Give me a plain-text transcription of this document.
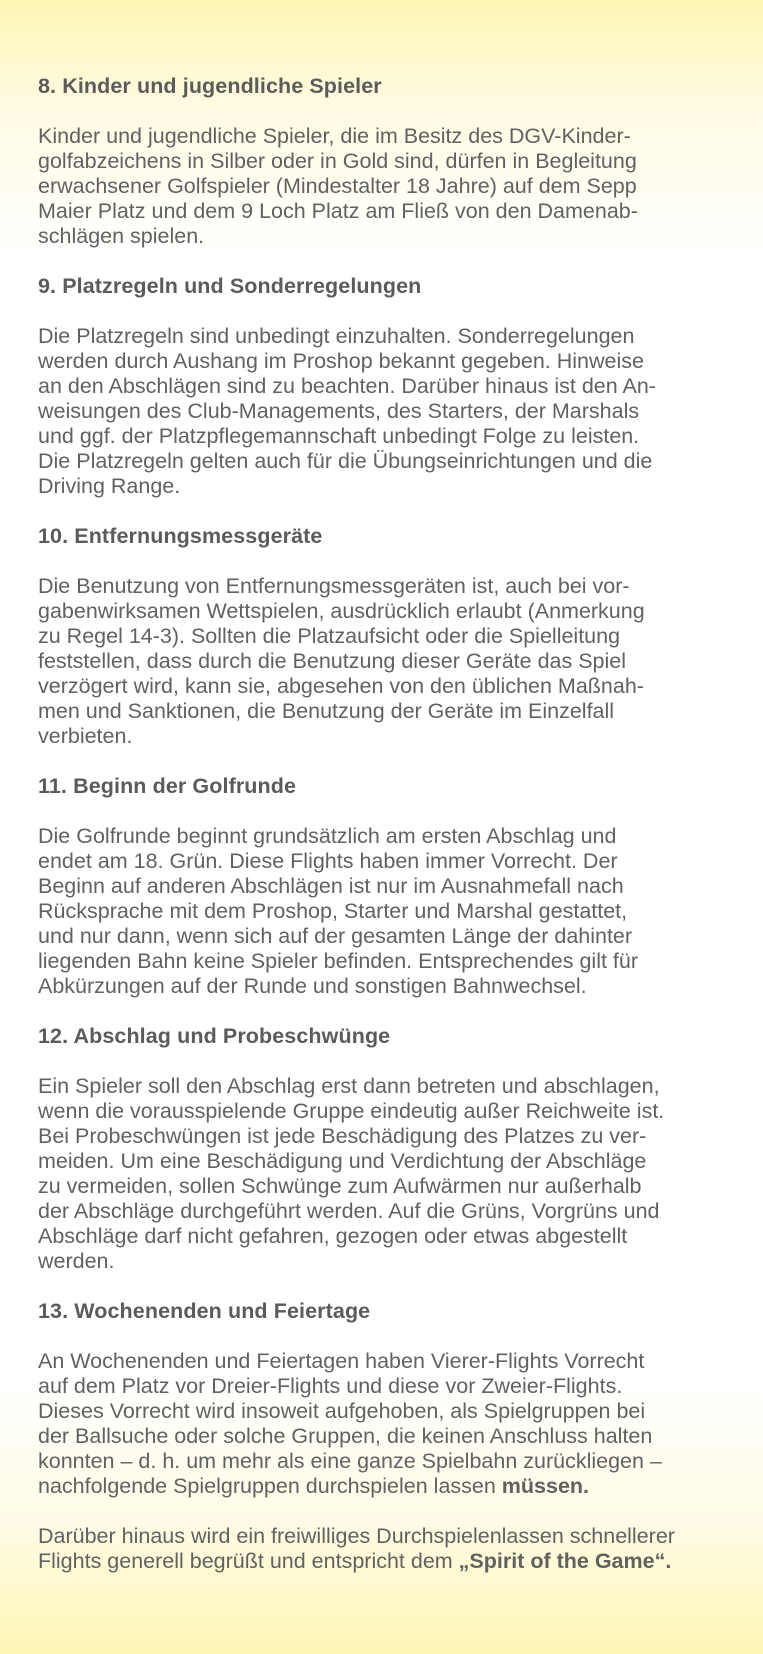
8. Kinder und jugendliche Spieler

Kinder und jugendliche Spieler, die im Besitz des DGV-Kinder-
golfabzeichens in Silber oder in Gold sind, dürfen in Begleitung
erwachsener Golfspieler (Mindestalter 18 Jahre) auf dem Sepp
Maier Platz und dem 9 Loch Platz am Fließ von den Damenab-
schlägen spielen.

9. Platzregeln und Sonderregelungen

Die Platzregeln sind unbedingt einzuhalten. Sonderregelungen
werden durch Aushang im Proshop bekannt gegeben. Hinweise
an den Abschlägen sind zu beachten. Darüber hinaus ist den An-
weisungen des Club-Managements, des Starters, der Marshals
und ggf. der Platzpflegemannschaft unbedingt Folge zu leisten.
Die Platzregeln gelten auch für die Übungseinrichtungen und die
Driving Range.

10. Entfernungsmessgeräte

Die Benutzung von Entfernungsmessgeräten ist, auch bei vor-
gabenwirksamen Wettspielen, ausdrücklich erlaubt (Anmerkung
zu Regel 14-3). Sollten die Platzaufsicht oder die Spielleitung
feststellen, dass durch die Benutzung dieser Geräte das Spiel
verzögert wird, kann sie, abgesehen von den üblichen Maßnah-
men und Sanktionen, die Benutzung der Geräte im Einzelfall
verbieten.

11. Beginn der Golfrunde

Die Golfrunde beginnt grundsätzlich am ersten Abschlag und
endet am 18. Grün. Diese Flights haben immer Vorrecht. Der
Beginn auf anderen Abschlägen ist nur im Ausnahmefall nach
Rücksprache mit dem Proshop, Starter und Marshal gestattet,
und nur dann, wenn sich auf der gesamten Länge der dahinter
liegenden Bahn keine Spieler befinden. Entsprechendes gilt für
Abkürzungen auf der Runde und sonstigen Bahnwechsel.

12. Abschlag und Probeschwünge

Ein Spieler soll den Abschlag erst dann betreten und abschlagen,
wenn die vorausspielende Gruppe eindeutig außer Reichweite ist.
Bei Probeschwüngen ist jede Beschädigung des Platzes zu ver-
meiden. Um eine Beschädigung und Verdichtung der Abschläge
zu vermeiden, sollen Schwünge zum Aufwärmen nur außerhalb
der Abschläge durchgeführt werden. Auf die Grüns, Vorgrüns und
Abschläge darf nicht gefahren, gezogen oder etwas abgestellt
werden.

13. Wochenenden und Feiertage

An Wochenenden und Feiertagen haben Vierer-Flights Vorrecht
auf dem Platz vor Dreier-Flights und diese vor Zweier-Flights.
Dieses Vorrecht wird insoweit aufgehoben, als Spielgruppen bei
der Ballsuche oder solche Gruppen, die keinen Anschluss halten
konnten – d. h. um mehr als eine ganze Spielbahn zurückliegen –
nachfolgende Spielgruppen durchspielen lassen müssen.

Darüber hinaus wird ein freiwilliges Durchspielenlassen schnellerer
Flights generell begrüßt und entspricht dem „Spirit of the Game“.
